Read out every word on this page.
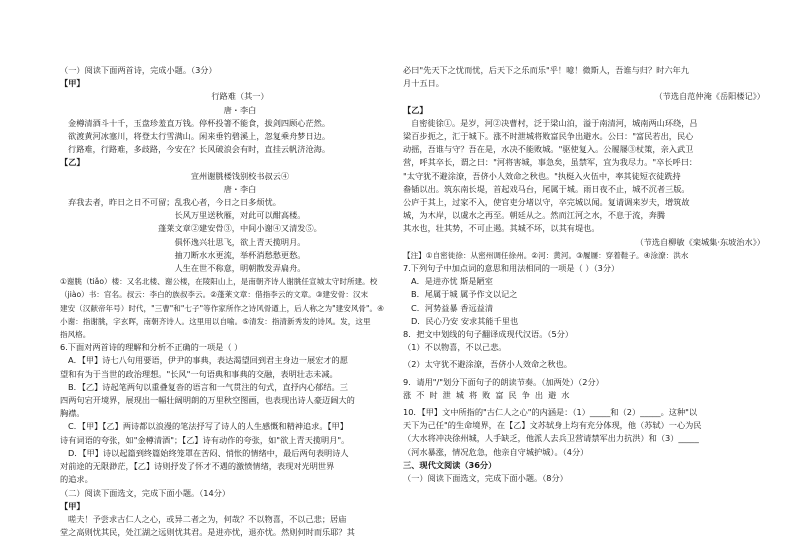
（一）阅读下面两首诗，完成小题。（3分）
【甲】
行路难（其一）
唐・李白
金樽清酒斗十千，玉盘珍羞直万钱。停杯投箸不能食，拔剑四顾心茫然。
欲渡黄河冰塞川，将登太行雪满山。闲来垂钓碧溪上，忽复乘舟梦日边。
行路难，行路难，多歧路，今安在？长风破浪会有时，直挂云帆济沧海。
【乙】
宣州谢朓楼饯别校书叔云④
唐・李白
弃我去者，昨日之日不可留；乱我心者，今日之日多烦忧。
长风万里送秋雁，对此可以酣高楼。
蓬莱文章②建安骨③，中间小谢④又清发⑤。
俱怀逸兴壮思飞，欲上青天揽明月。
抽刀断水水更流，举杯消愁愁更愁。
人生在世不称意，明朝散发弄扁舟。
①谢朓（tiǎo）楼：又名北楼、谢公楼，在陵阳山上，是南朝齐诗人谢朓任宣城太守时所建。校
（jiào）书：官名。叔云：李白的族叔李云。②蓬莱文章：借指李云的文章。③建安骨：汉末
建安（汉献帝年号）时代，"三曹"和"七子"等作家所作之诗风骨遒上，后人称之为"建安风骨"。④
小谢：指谢朓，字玄晖，南朝齐诗人。这里用以自喻。⑤清发：指清新秀发的诗风。发，这里
指风格。
6.下面对两首诗的理解和分析不正确的一项是（ ）
A．【甲】诗七八句用要语，伊尹的事典，表达渴望回到君主身边一展宏才的愿
望和有为于当世的政治理想。"长风"一句语典和事典的交融，表明壮志未减。
B．【乙】诗起笔两句以重叠复沓的语言和一气贯注的句式，直抒内心郁结。三
四两句宕开境界，展现出一幅壮阔明朗的万里秋空图画，也表现出诗人豪迈阔大的
胸襟。
C．【甲】【乙】两诗都以浪漫的笔法抒写了诗人的人生感慨和精神追求。【甲】
诗有词语的夸张，如"金樽清酒"；【乙】诗有动作的夸张，如"欲上青天揽明月"。
D．【甲】诗以起篇到终篇始终笼罩在苦闷、悄怅的情绪中，最后两句表明诗人
对前途的无限渺茫，【乙】诗则抒发了怀才不遇的激愤情绪，表现对光明世界
的追求。
（二）阅读下面选文，完成下面小题。（14分）
【甲】
嗟夫！予尝求古仁人之心，或异二者之为，何哉？不以物喜，不以己悲；居庙
堂之高则忧其民，处江湖之远则忧其君。是进亦忧，退亦忧。然则何时而乐耶？其
必曰"先天下之忧而忧，后天下之乐而乐"乎！噫！微斯人，吾谁与归？时六年九
月十五日。
（节选自范仲淹《岳阳楼记》）
【乙】
自密徙徐①。是岁，河②决曹村，泛于梁山泊，溢于南清河，城南两山环绕，吕
梁百步扼之，汇于城下。涨不时泄城将败富民争出避水。公曰："富民若出，民心
动摇，吾谁与守？吾在是，水决不能败城。"驱使复入。公履屦③杖策，亲入武卫
营，呼其卒长，谓之曰："河将害城，事急矣，虽禁军，宜为我尽力。"卒长呼曰：
"太守犹不避涂潦，吾侪小人效命之秋也。"执梃入火伍中，率其徒短衣徒跣持
畚锸以出。筑东南长堤，首起戏马台，尾属于城。雨日夜不止，城不沉者三版。
公庐于其上，过家不入，使官吏分堵以守，卒完城以闻。复请调来岁夫，增筑故
城，为木岸，以虞水之再至。朝廷从之。然而江河之水，不息于流，奔腾
其水也，壮其势，不可止遏。其城不坏，以其有堤也。
（节选自柳敏《栾城集·东坡治水》）
【注】①自密徙徐：从密州调任徐州。②河：黄河。③履屦：穿着鞋子。④涂潦：洪水
7.下列句子中加点词的意思和用法相同的一项是（ ）（3分）
A．是进亦忧 斯是陋室
B．尾属于城 属予作文以记之
C．河势益暴 香远益清
D．民心乃安 安求其能千里也
8．把文中划线的句子翻译成现代汉语。（5分）
（1）不以物喜，不以己悲。
（2）太守犹不避涂潦，吾侪小人效命之秋也。
9．请用"/"划分下面句子的朗读节奏。（加两处）（2分）
涨不时泄城将败富民争出避水
10．【甲】文中所指的"古仁人之心"的内涵是：（1）_____和（2）_____。这种"以
天下为己任"的生命境界，在【乙】文苏轼身上均有充分体现，他（苏轼）一心为民
（大水将冲决徐州城，人手缺乏，他派人去兵卫营请禁军出力抗洪）和（3）_____
（河水暴涨，情况危急，他亲自守城护城）。（4分）
三、现代文阅读（36分）
（一）阅读下面选文，完成下面小题。（8分）
